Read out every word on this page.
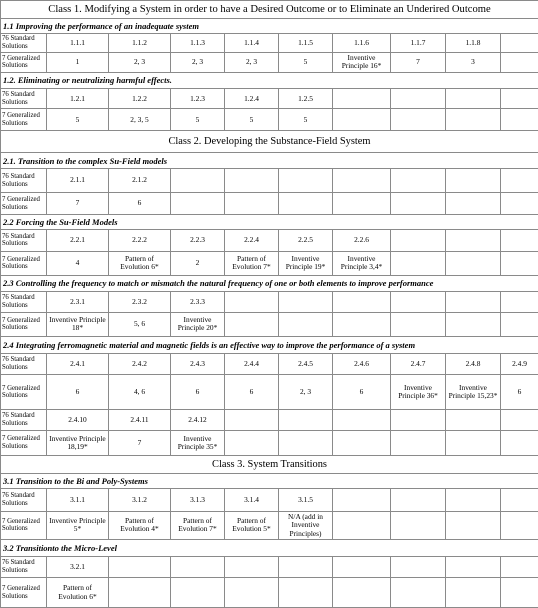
Class 1. Modifying a System in order to have a Desired Outcome or to Eliminate an Underired Outcome									
1.1 Improving the performance of an inadequate system									
76 Standard Solutions	1.1.1	1.1.2	1.1.3	1.1.4	1.1.5	1.1.6	1.1.7	1.1.8	
7 Generalized Solutions	1	2, 3	2, 3	2, 3	5	Inventive Principle 16*	7	3	
1.2. Eliminating or neutralizing harmful effects.									
76 Standard Solutions	1.2.1	1.2.2	1.2.3	1.2.4	1.2.5				
7 Generalized Solutions	5	2, 3, 5	5	5	5				
Class 2. Developing the Substance-Field System									
2.1. Transition to the complex Su-Field models									
76 Standard Solutions	2.1.1	2.1.2							
7 Generalized Solutions	7	6							
2.2 Forcing the Su-Field Models									
76 Standard Solutions	2.2.1	2.2.2	2.2.3	2.2.4	2.2.5	2.2.6			
7 Generalized Solutions	4	Pattern of Evolution 6*	2	Pattern of Evolution 7*	Inventive Principle 19*	Inventive Principle 3,4*			
2.3 Controlling the frequency to match or mismatch the natural frequency of one or both elements to improve performance									
76 Standard Solutions	2.3.1	2.3.2	2.3.3						
7 Generalized Solutions	Inventive Principle 18*	5, 6	Inventive Principle 20*						
2.4 Integrating ferromagnetic material and magnetic fields is an effective way to improve the performance of a system									
76 Standard Solutions	2.4.1	2.4.2	2.4.3	2.4.4	2.4.5	2.4.6	2.4.7	2.4.8	2.4.9
7 Generalized Solutions	6	4, 6	6	6	2, 3	6	Inventive Principle 36*	Inventive Principle 15,23*	6
76 Standard Solutions	2.4.10	2.4.11	2.4.12						
7 Generalized Solutions	Inventive Principle 18,19*	7	Inventive Principle 35*						
Class 3. System Transitions									
3.1 Transition to the Bi and Poly-Systems									
76 Standard Solutions	3.1.1	3.1.2	3.1.3	3.1.4	3.1.5				
7 Generalized Solutions	Inventive Principle 5*	Pattern of Evolution 4*	Pattern of Evolution 7*	Pattern of Evolution 5*	N/A (add in Inventive Principles)				
3.2 Transitionto the Micro-Level									
76 Standard Solutions	3.2.1								
7 Generalized Solutions	Pattern of Evolution 6*								
